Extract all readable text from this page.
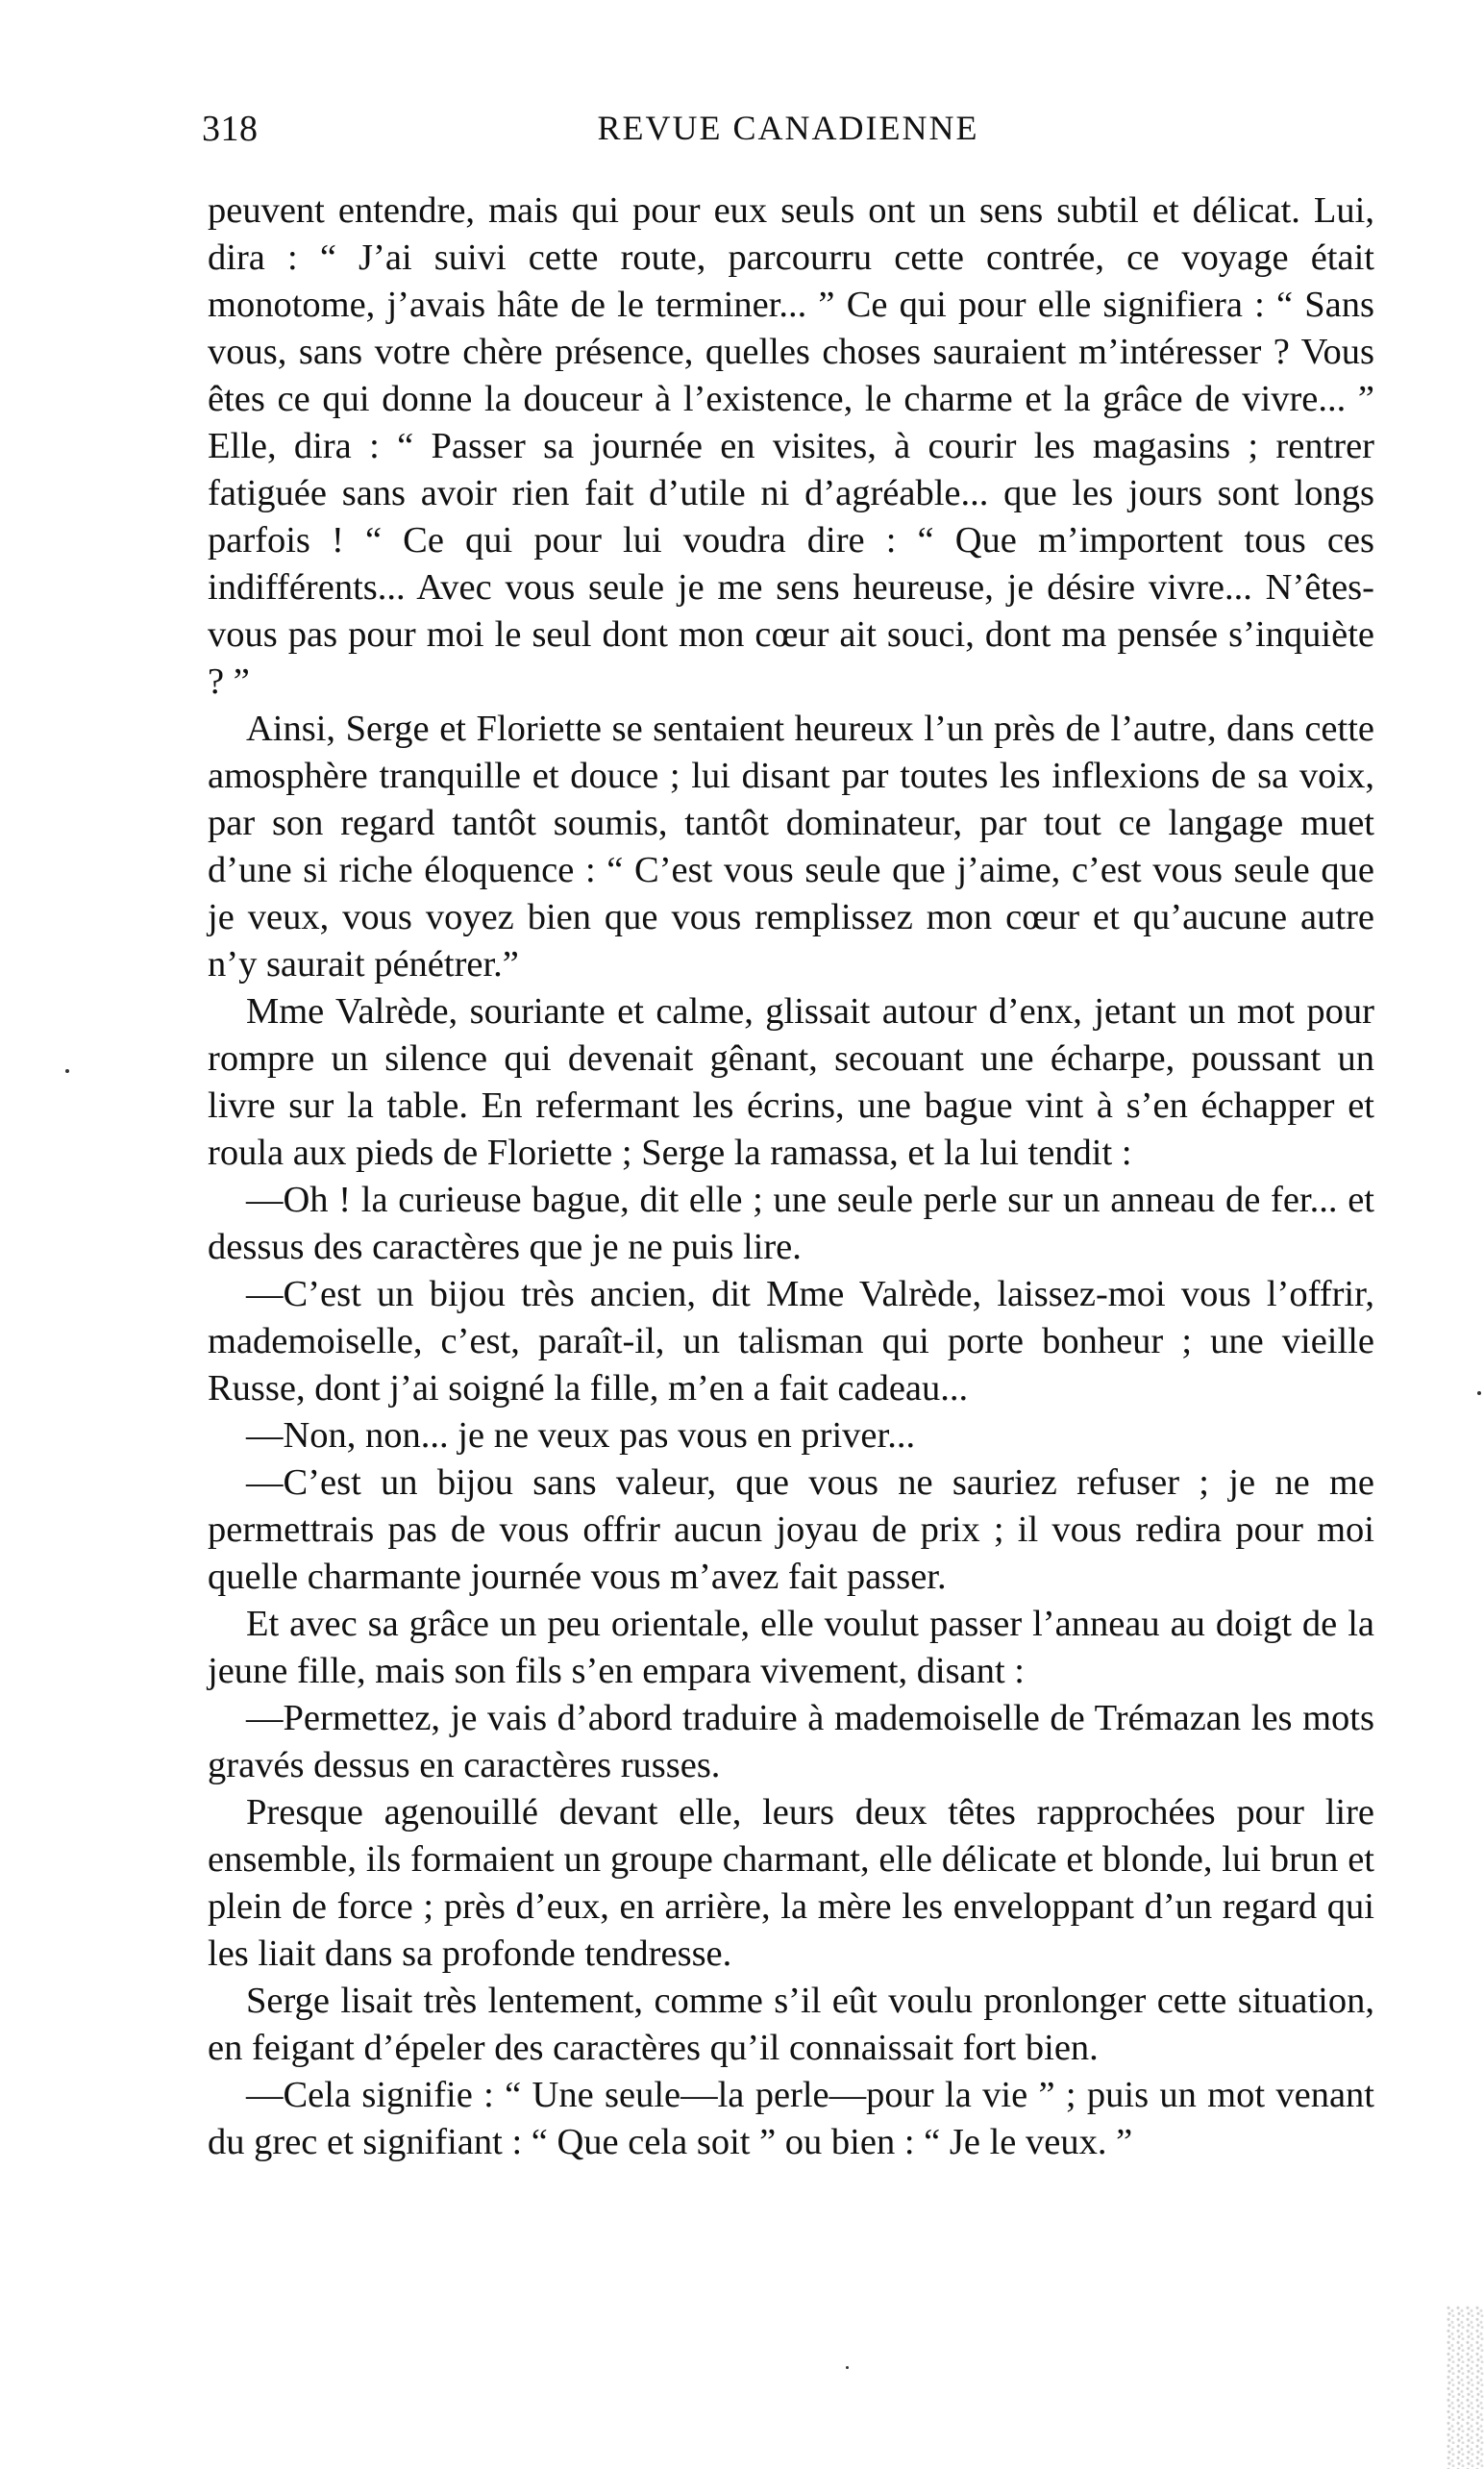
318	REVUE CANADIENNE

peuvent entendre, mais qui pour eux seuls ont un sens subtil et délicat. Lui, dira : “ J’ai suivi cette route, parcourru cette contrée, ce voyage était monotome, j’avais hâte de le terminer... ” Ce qui pour elle signifiera : “ Sans vous, sans votre chère présence, quelles choses sauraient m’intéresser ? Vous êtes ce qui donne la douceur à l’existence, le charme et la grâce de vivre... ” Elle, dira : “ Passer sa journée en visites, à courir les magasins ; rentrer fatiguée sans avoir rien fait d’utile ni d’agréable... que les jours sont longs parfois ! “ Ce qui pour lui voudra dire : “ Que m’importent tous ces indifférents... Avec vous seule je me sens heureuse, je désire vivre... N’êtes-vous pas pour moi le seul dont mon cœur ait souci, dont ma pensée s’inquiète ? ”

Ainsi, Serge et Floriette se sentaient heureux l’un près de l’autre, dans cette amosphère tranquille et douce ; lui disant par toutes les inflexions de sa voix, par son regard tantôt soumis, tantôt dominateur, par tout ce langage muet d’une si riche éloquence : “ C’est vous seule que j’aime, c’est vous seule que je veux, vous voyez bien que vous remplissez mon cœur et qu’aucune autre n’y saurait pénétrer.”

Mme Valrède, souriante et calme, glissait autour d’enx, jetant un mot pour rompre un silence qui devenait gênant, secouant une écharpe, poussant un livre sur la table. En refermant les écrins, une bague vint à s’en échapper et roula aux pieds de Floriette ; Serge la ramassa, et la lui tendit :

—Oh ! la curieuse bague, dit elle ; une seule perle sur un anneau de fer... et dessus des caractères que je ne puis lire.

—C’est un bijou très ancien, dit Mme Valrède, laissez-moi vous l’offrir, mademoiselle, c’est, paraît-il, un talisman qui porte bonheur ; une vieille Russe, dont j’ai soigné la fille, m’en a fait cadeau...

—Non, non... je ne veux pas vous en priver...

—C’est un bijou sans valeur, que vous ne sauriez refuser ; je ne me permettrais pas de vous offrir aucun joyau de prix ; il vous redira pour moi quelle charmante journée vous m’avez fait passer.

Et avec sa grâce un peu orientale, elle voulut passer l’anneau au doigt de la jeune fille, mais son fils s’en empara vivement, disant :

—Permettez, je vais d’abord traduire à mademoiselle de Trémazan les mots gravés dessus en caractères russes.

Presque agenouillé devant elle, leurs deux têtes rapprochées pour lire ensemble, ils formaient un groupe charmant, elle délicate et blonde, lui brun et plein de force ; près d’eux, en arrière, la mère les enveloppant d’un regard qui les liait dans sa profonde tendresse.

Serge lisait très lentement, comme s’il eût voulu pronlonger cette situation, en feigant d’épeler des caractères qu’il connaissait fort bien.

—Cela signifie : “ Une seule—la perle—pour la vie ” ; puis un mot venant du grec et signifiant : “ Que cela soit ” ou bien : “ Je le veux. ”
